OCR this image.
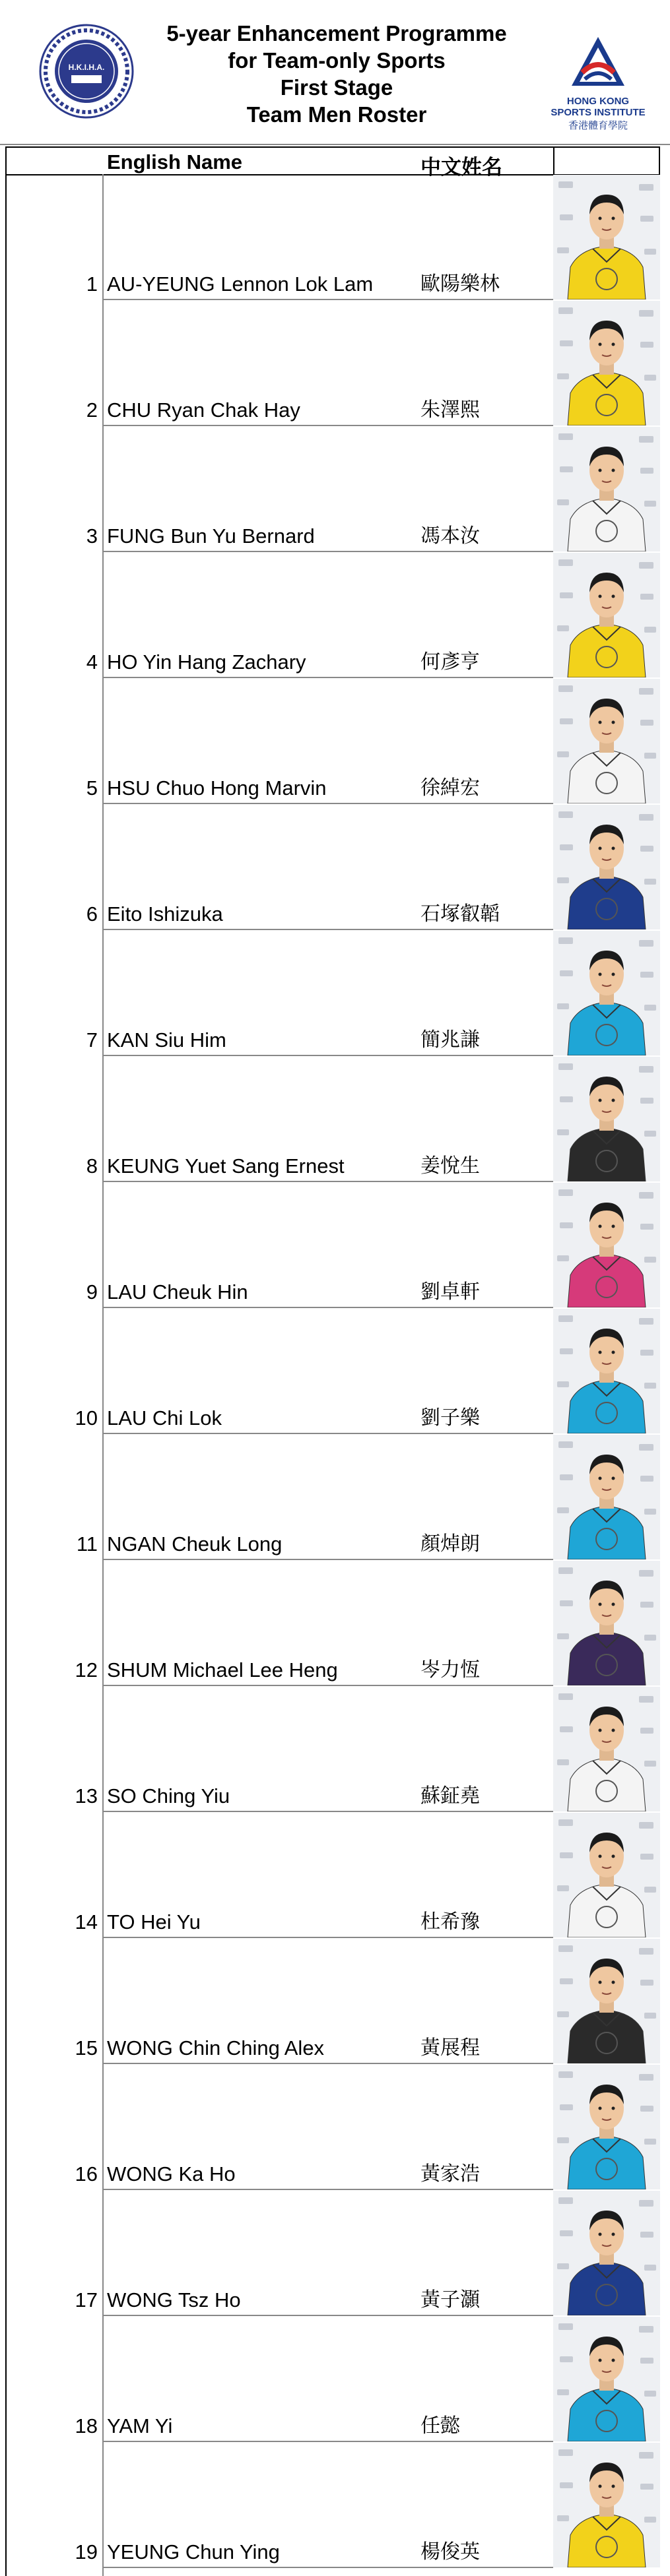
H.K.I.H.A.
5-year Enhancement Programme
for Team-only Sports
First Stage
Team Men Roster
HONG KONG
SPORTS INSTITUTE
香港體育學院
English Name	中文姓名
1 AU-YEUNG Lennon Lok Lam 歐陽樂林
2 CHU Ryan Chak Hay	朱澤熙
3 FUNG Bun Yu Bernard	馮本汝
4 HO Yin Hang Zachary	何彥亨
5 HSU Chuo Hong Marvin	徐綽宏
6 Eito Ishizuka	石塚叡韜
7 KAN Siu Him	簡兆謙
8 KEUNG Yuet Sang Ernest	姜悅生
9 LAU Cheuk Hin	劉卓軒
10 LAU Chi Lok	劉子樂
11 NGAN Cheuk Long	顏焯朗
12 SHUM Michael Lee Heng	岑力恆
13 SO Ching Yiu	蘇鉦堯
14 TO Hei Yu	杜希豫
15 WONG Chin Ching Alex	黃展程
16 WONG Ka Ho	黃家浩
17 WONG Tsz Ho	黃子灝
18 YAM Yi	任懿
19 YEUNG Chun Ying	楊俊英
